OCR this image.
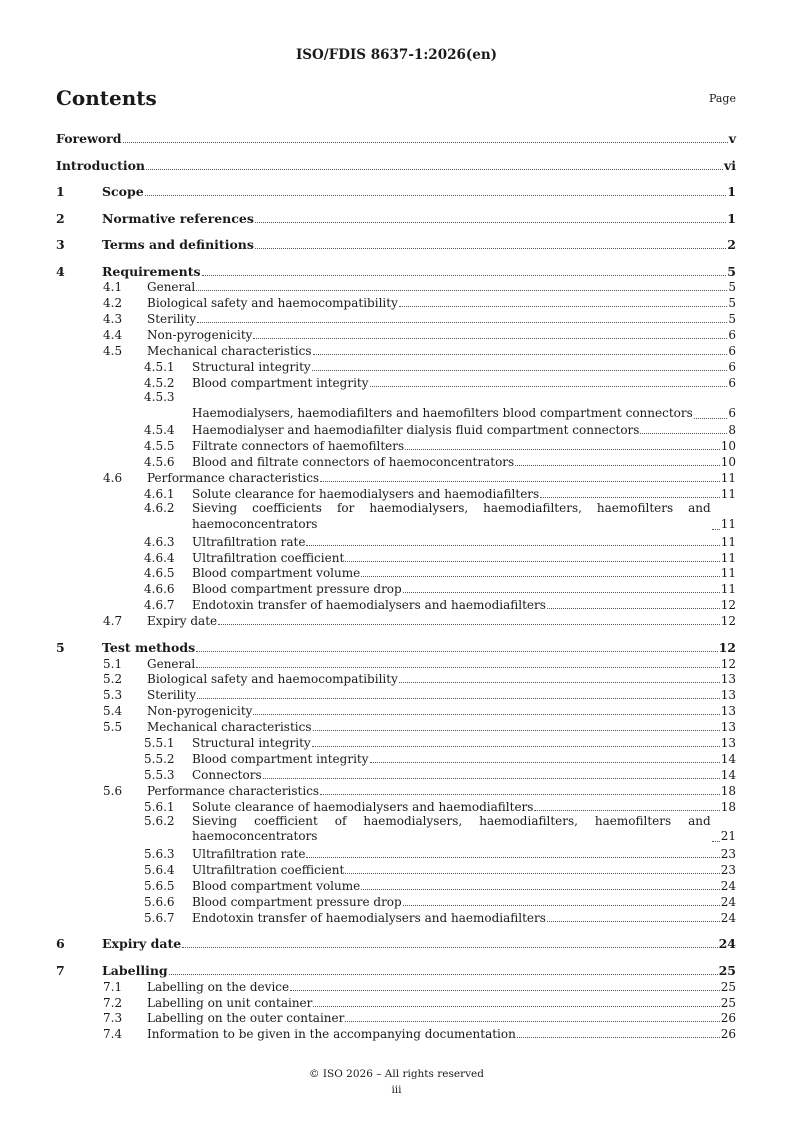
ISO/FDIS 8637-1:2026(en)
Contents	Page
Foreword	v
Introduction	vi
1	Scope	1
2	Normative references	1
3	Terms and definitions	2
4	Requirements	5
4.1 General	5
4.2 Biological safety and haemocompatibility	5
4.3 Sterility	5
4.4 Non-pyrogenicity	6
4.5 Mechanical characteristics	6
4.5.1 Structural integrity	6
4.5.2 Blood compartment integrity	6
4.5.3
Haemodialysers, haemodiafilters and haemofilters blood compartment connectors	6
4.5.4 Haemodialyser and haemodiafilter dialysis fluid compartment connectors	8
4.5.5 Filtrate connectors of haemofilters	10
4.5.6 Blood and filtrate connectors of haemoconcentrators	10
4.6 Performance characteristics	11
4.6.1 Solute clearance for haemodialysers and haemodiafilters	11
4.6.2 Sieving coefficients for haemodialysers, haemodiafilters, haemofilters and haemoconcentrators	11
4.6.3 Ultrafiltration rate	11
4.6.4 Ultrafiltration coefficient	11
4.6.5 Blood compartment volume	11
4.6.6 Blood compartment pressure drop	11
4.6.7 Endotoxin transfer of haemodialysers and haemodiafilters	12
4.7 Expiry date	12
5	Test methods	12
5.1 General	12
5.2 Biological safety and haemocompatibility	13
5.3 Sterility	13
5.4 Non-pyrogenicity	13
5.5 Mechanical characteristics	13
5.5.1 Structural integrity	13
5.5.2 Blood compartment integrity	14
5.5.3 Connectors	14
5.6 Performance characteristics	18
5.6.1 Solute clearance of haemodialysers and haemodiafilters	18
5.6.2 Sieving coefficient of haemodialysers, haemodiafilters, haemofilters and haemoconcentrators	21
5.6.3 Ultrafiltration rate	23
5.6.4 Ultrafiltration coefficient	23
5.6.5 Blood compartment volume	24
5.6.6 Blood compartment pressure drop	24
5.6.7 Endotoxin transfer of haemodialysers and haemodiafilters	24
6	Expiry date	24
7	Labelling	25
7.1 Labelling on the device	25
7.2 Labelling on unit container	25
7.3 Labelling on the outer container	26
7.4 Information to be given in the accompanying documentation	26
© ISO 2026 – All rights reserved
iii
